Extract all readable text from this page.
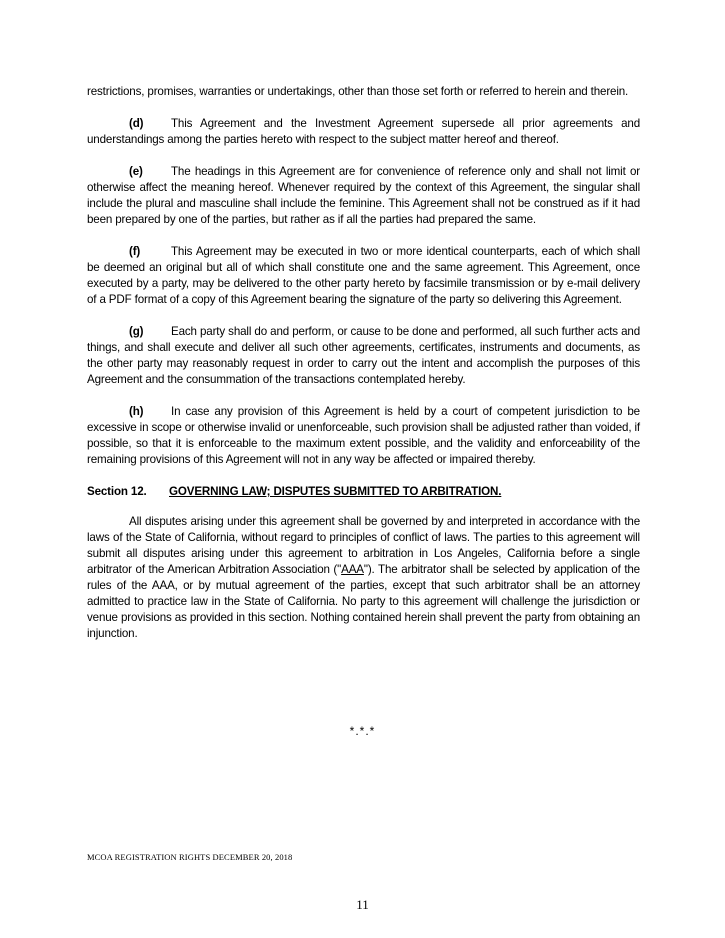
restrictions, promises, warranties or undertakings, other than those set forth or referred to herein and therein.

(d) This Agreement and the Investment Agreement supersede all prior agreements and understandings among the parties hereto with respect to the subject matter hereof and thereof.

(e) The headings in this Agreement are for convenience of reference only and shall not limit or otherwise affect the meaning hereof. Whenever required by the context of this Agreement, the singular shall include the plural and masculine shall include the feminine. This Agreement shall not be construed as if it had been prepared by one of the parties, but rather as if all the parties had prepared the same.

(f)	This Agreement may be executed in two or more identical counterparts, each of which shall be deemed an original but all of which shall constitute one and the same agreement. This Agreement, once executed by a party, may be delivered to the other party hereto by facsimile transmission or by e-mail delivery of a PDF format of a copy of this Agreement bearing the signature of the party so delivering this Agreement.

(g) Each party shall do and perform, or cause to be done and performed, all such further acts and things, and shall execute and deliver all such other agreements, certificates, instruments and documents, as the other party may reasonably request in order to carry out the intent and accomplish the purposes of this Agreement and the consummation of the transactions contemplated hereby.

(h) In case any provision of this Agreement is held by a court of competent jurisdiction to be excessive in scope or otherwise invalid or unenforceable, such provision shall be adjusted rather than voided, if possible, so that it is enforceable to the maximum extent possible, and the validity and enforceability of the remaining provisions of this Agreement will not in any way be affected or impaired thereby.

Section 12. GOVERNING LAW; DISPUTES SUBMITTED TO ARBITRATION.

All disputes arising under this agreement shall be governed by and interpreted in accordance with the laws of the State of California, without regard to principles of conflict of laws. The parties to this agreement will submit all disputes arising under this agreement to arbitration in Los Angeles, California before a single arbitrator of the American Arbitration Association ("AAA"). The arbitrator shall be selected by application of the rules of the AAA, or by mutual agreement of the parties, except that such arbitrator shall be an attorney admitted to practice law in the State of California. No party to this agreement will challenge the jurisdiction or venue provisions as provided in this section. Nothing contained herein shall prevent the party from obtaining an injunction.

*.*.*
MCOA REGISTRATION RIGHTS DECEMBER 20, 2018
11
